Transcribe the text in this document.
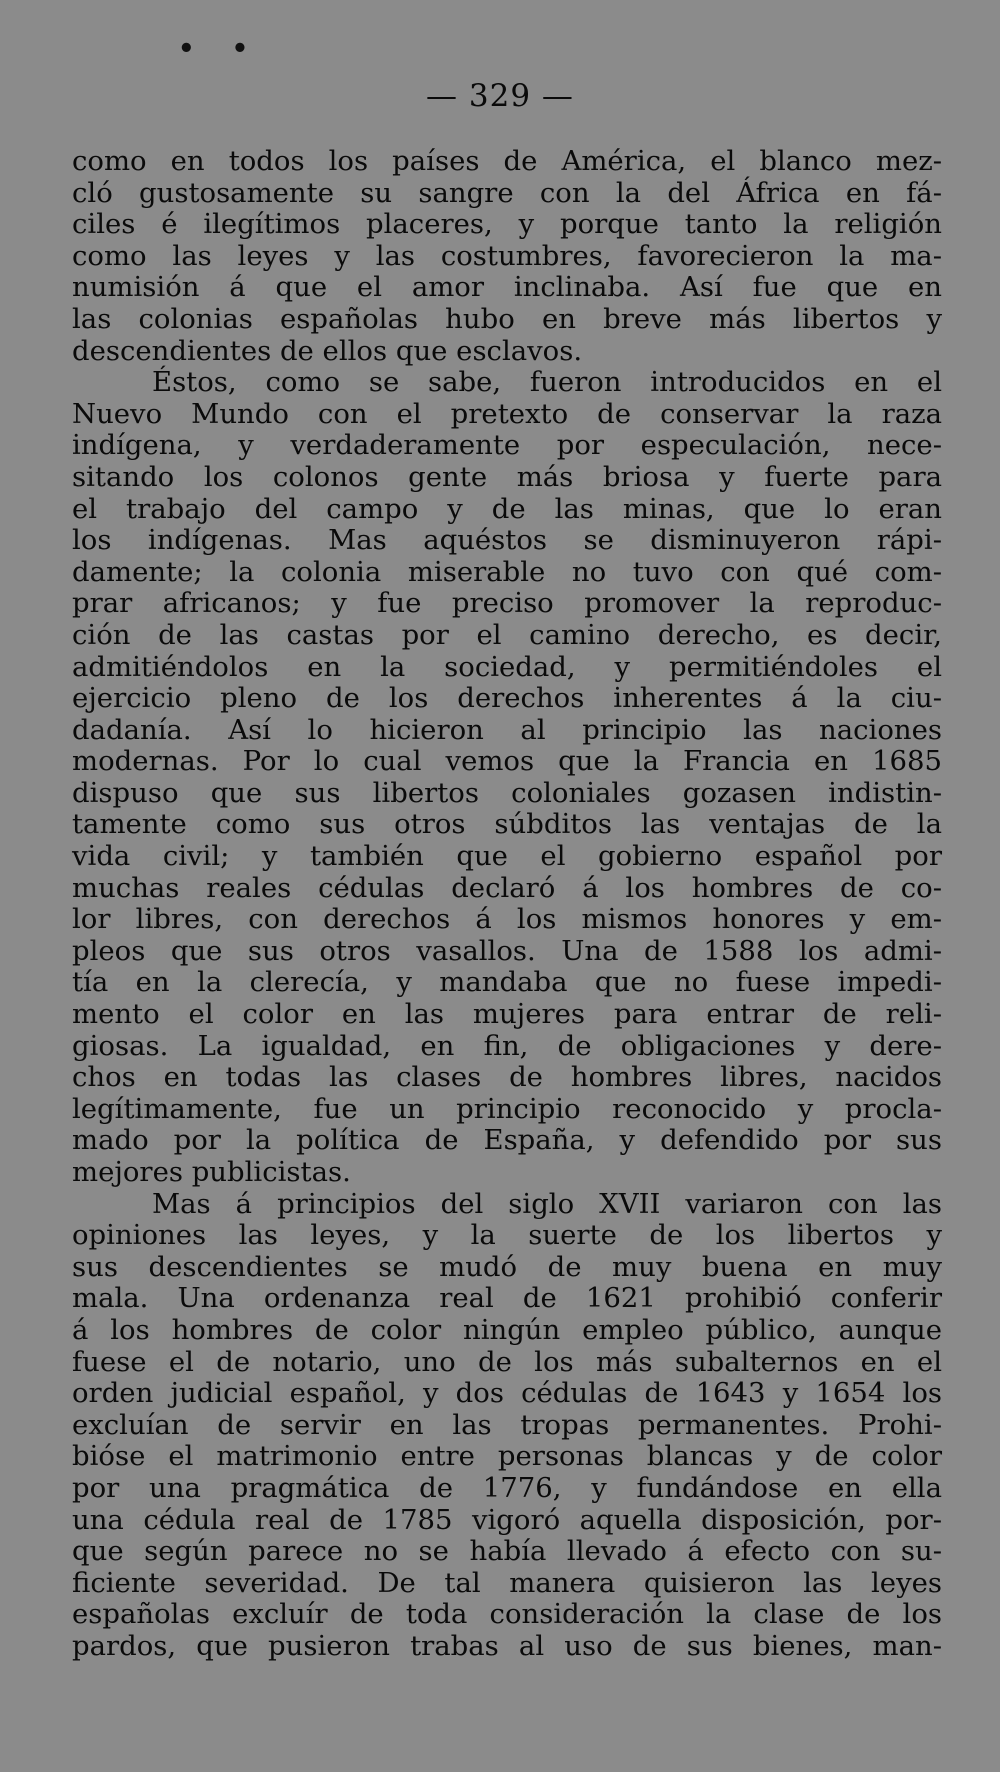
• •
— 329 —
como en todos los países de América, el blanco mez-
cló gustosamente su sangre con la del África en fá-
ciles é ilegítimos placeres, y porque tanto la religión
como las leyes y las costumbres, favorecieron la ma-
numisión á que el amor inclinaba. Así fue que en
las colonias españolas hubo en breve más libertos y
descendientes de ellos que esclavos.
Éstos, como se sabe, fueron introducidos en el
Nuevo Mundo con el pretexto de conservar la raza
indígena, y verdaderamente por especulación, nece-
sitando los colonos gente más briosa y fuerte para
el trabajo del campo y de las minas, que lo eran
los indígenas. Mas aquéstos se disminuyeron rápi-
damente; la colonia miserable no tuvo con qué com-
prar africanos; y fue preciso promover la reproduc-
ción de las castas por el camino derecho, es decir,
admitiéndolos en la sociedad, y permitiéndoles el
ejercicio pleno de los derechos inherentes á la ciu-
dadanía. Así lo hicieron al principio las naciones
modernas. Por lo cual vemos que la Francia en 1685
dispuso que sus libertos coloniales gozasen indistin-
tamente como sus otros súbditos las ventajas de la
vida civil; y también que el gobierno español por
muchas reales cédulas declaró á los hombres de co-
lor libres, con derechos á los mismos honores y em-
pleos que sus otros vasallos. Una de 1588 los admi-
tía en la clerecía, y mandaba que no fuese impedi-
mento el color en las mujeres para entrar de reli-
giosas. La igualdad, en fin, de obligaciones y dere-
chos en todas las clases de hombres libres, nacidos
legítimamente, fue un principio reconocido y procla-
mado por la política de España, y defendido por sus
mejores publicistas.
Mas á principios del siglo XVII variaron con las
opiniones las leyes, y la suerte de los libertos y
sus descendientes se mudó de muy buena en muy
mala. Una ordenanza real de 1621 prohibió conferir
á los hombres de color ningún empleo público, aunque
fuese el de notario, uno de los más subalternos en el
orden judicial español, y dos cédulas de 1643 y 1654 los
excluían de servir en las tropas permanentes. Prohi-
bióse el matrimonio entre personas blancas y de color
por una pragmática de 1776, y fundándose en ella
una cédula real de 1785 vigoró aquella disposición, por-
que según parece no se había llevado á efecto con su-
ficiente severidad. De tal manera quisieron las leyes
españolas excluír de toda consideración la clase de los
pardos, que pusieron trabas al uso de sus bienes, man-
